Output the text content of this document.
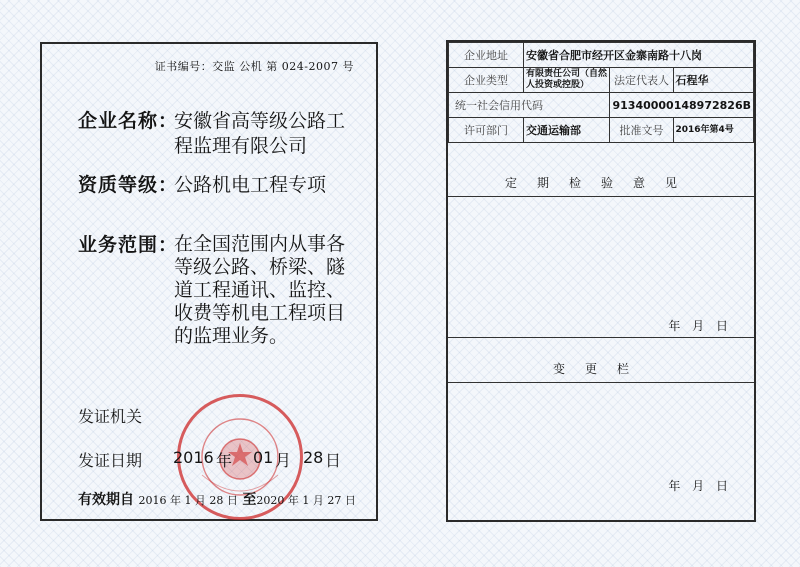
证书编号：交监 公机 第 024-2007 号
企业名称：
安徽省高等级公路工程监理有限公司
资质等级：
公路机电工程专项
业务范围：
在全国范围内从事各等级公路、桥梁、隧道工程通讯、监控、收费等机电工程项目的监理业务。
发证机关
发证日期 2016 年 01 月 28 日
有效期自 2016 年 1 月 28 日 至2020 年 1 月 27 日
企业地址	安徽省合肥市经开区金寨南路十八岗		
企业类型	有限责任公司（自然人投资或控股）	法定代表人	石程华
统一社会信用代码		91340000148972826B	
许可部门	交通运输部	批准文号	2016年第4号
定期检验意见
年 月 日
变更栏
年 月 日
